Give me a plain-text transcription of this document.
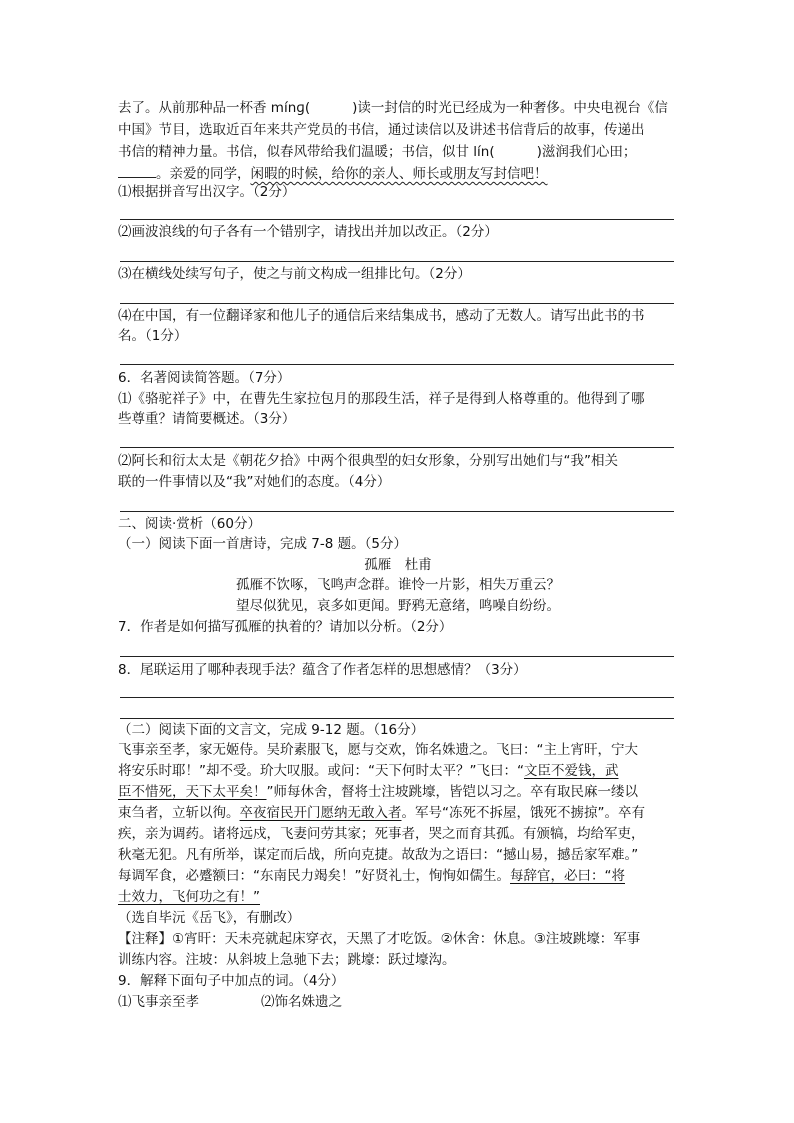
去了。从前那种品一杯香 mínɡ(	)读一封信的时光已经成为一种奢侈。中央电视台《信
中国》节目，选取近百年来共产党员的书信，通过读信以及讲述书信背后的故事，传递出
书信的精神力量。书信，似春风带给我们温暖；书信，似甘 lín(	)滋润我们心田；
。亲爱的同学，闲暇的时候，给你的亲人、师长或朋友写封信吧！
⑴根据拼音写出汉字。（2分）
⑵画波浪线的句子各有一个错别字，请找出并加以改正。（2分）
⑶在横线处续写句子，使之与前文构成一组排比句。（2分）
⑷在中国，有一位翻译家和他儿子的通信后来结集成书，感动了无数人。请写出此书的书
名。（1分）
6．名著阅读简答题。（7分）
⑴《骆驼祥子》中，在曹先生家拉包月的那段生活，祥子是得到人格尊重的。他得到了哪
些尊重？请简要概述。（3分）
⑵阿长和衍太太是《朝花夕拾》中两个很典型的妇女形象，分别写出她们与“我”相关
联的一件事情以及“我”对她们的态度。（4分）
二、阅读·赏析（60分）
（一）阅读下面一首唐诗，完成 7-8 题。（5分）
孤雁　杜甫
孤雁不饮啄，飞鸣声念群。谁怜一片影，相失万重云？
望尽似犹见，哀多如更闻。野鸦无意绪，鸣噪自纷纷。
7．作者是如何描写孤雁的执着的？请加以分析。（2分）
8．尾联运用了哪种表现手法？蕴含了作者怎样的思想感情？（3分）
（二）阅读下面的文言文，完成 9-12 题。（16分）
飞事亲至孝，家无姬侍。吴玠素服飞，愿与交欢，饰名姝遗之。飞曰：“主上宵旰，宁大
将安乐时耶！”却不受。玠大叹服。或问：“天下何时太平？”飞曰：“文臣不爱钱，武
臣不惜死，天下太平矣！”师每休舍，督将士注坡跳壕，皆铠以习之。卒有取民麻一缕以
束刍者，立斩以徇。卒夜宿民开门愿纳无敢入者。军号“冻死不拆屋，饿死不掳掠”。卒有
疾，亲为调药。诸将远戍，飞妻问劳其家；死事者，哭之而育其孤。有颁犒，均给军吏，
秋毫无犯。凡有所举，谋定而后战，所向克捷。故敌为之语曰：“撼山易，撼岳家军难。”
每调军食，必蹙额曰：“东南民力竭矣！”好贤礼士，恂恂如儒生。每辞官，必曰：“将
士效力，飞何功之有！”
（选自毕沅《岳飞》，有删改）
【注释】①宵旰：天未亮就起床穿衣，天黑了才吃饭。②休舍：休息。③注坡跳壕：军事
训练内容。注坡：从斜坡上急驰下去；跳壕：跃过壕沟。
9．解释下面句子中加点的词。（4分）
⑴飞事亲至孝	⑵饰名姝遗之
